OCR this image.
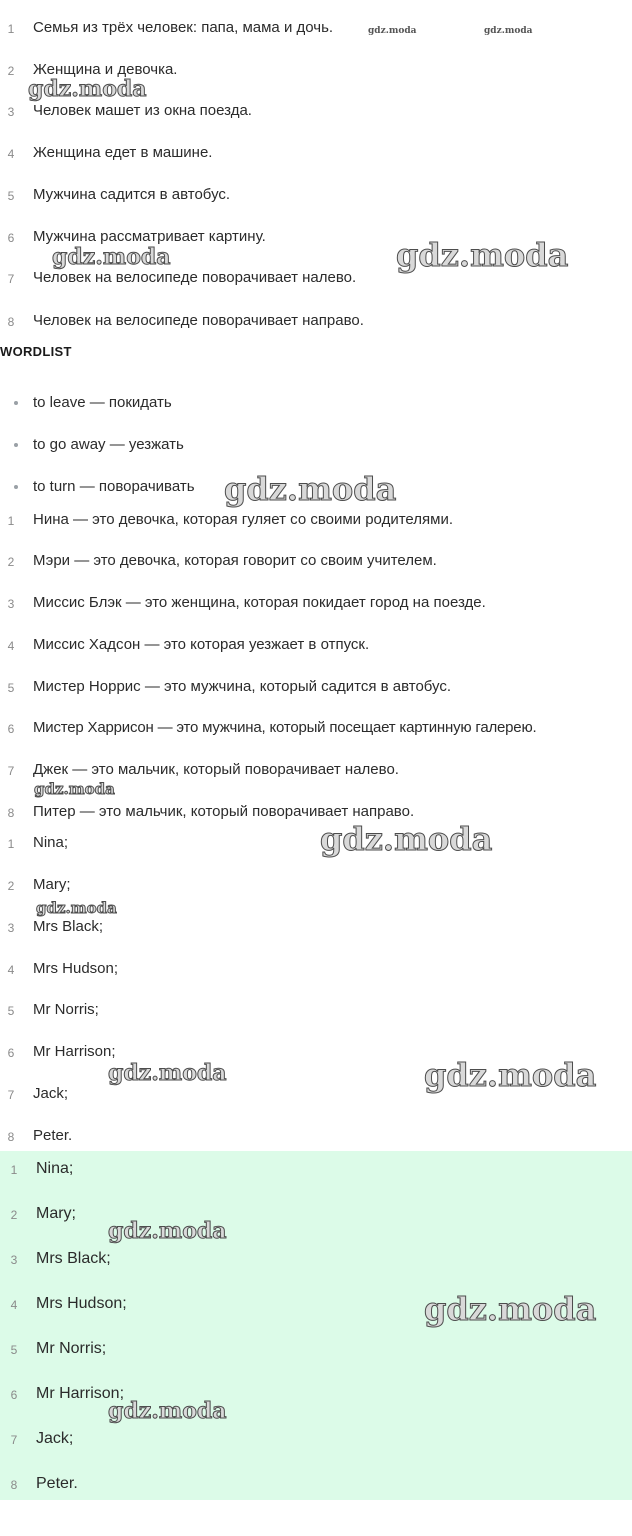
1	Семья из трёх человек: папа, мама и дочь.
2	Женщина и девочка.
3	Человек машет из окна поезда.
4	Женщина едет в машине.
5	Мужчина садится в автобус.
6	Мужчина рассматривает картину.
7	Человек на велосипеде поворачивает налево.
8	Человек на велосипеде поворачивает направо.
WORDLIST
to leave — покидать
to go away — уезжать
to turn — поворачивать
1	Нина — это девочка, которая гуляет со своими родителями.
2	Мэри — это девочка, которая говорит со своим учителем.
3	Миссис Блэк — это женщина, которая покидает город на поезде.
4	Миссис Хадсон — это которая уезжает в отпуск.
5	Мистер Норрис — это мужчина, который садится в автобус.
6	Мистер Харрисон — это мужчина, который посещает картинную галерею.
7	Джек — это мальчик, который поворачивает налево.
8	Питер — это мальчик, который поворачивает направо.
1	Nina;
2	Mary;
3	Mrs Black;
4	Mrs Hudson;
5	Mr Norris;
6	Mr Harrison;
7	Jack;
8	Peter.
1	Nina;
2	Mary;
3	Mrs Black;
4	Mrs Hudson;
5	Mr Norris;
6	Mr Harrison;
7	Jack;
8	Peter.
gdz.moda	gdz.moda
gdz.moda
gdz.moda
gdz.moda
gdz.moda
gdz.moda
gdz.moda
gdz.moda
gdz.moda	gdz.moda
gdz.moda
gdz.moda
gdz.moda
